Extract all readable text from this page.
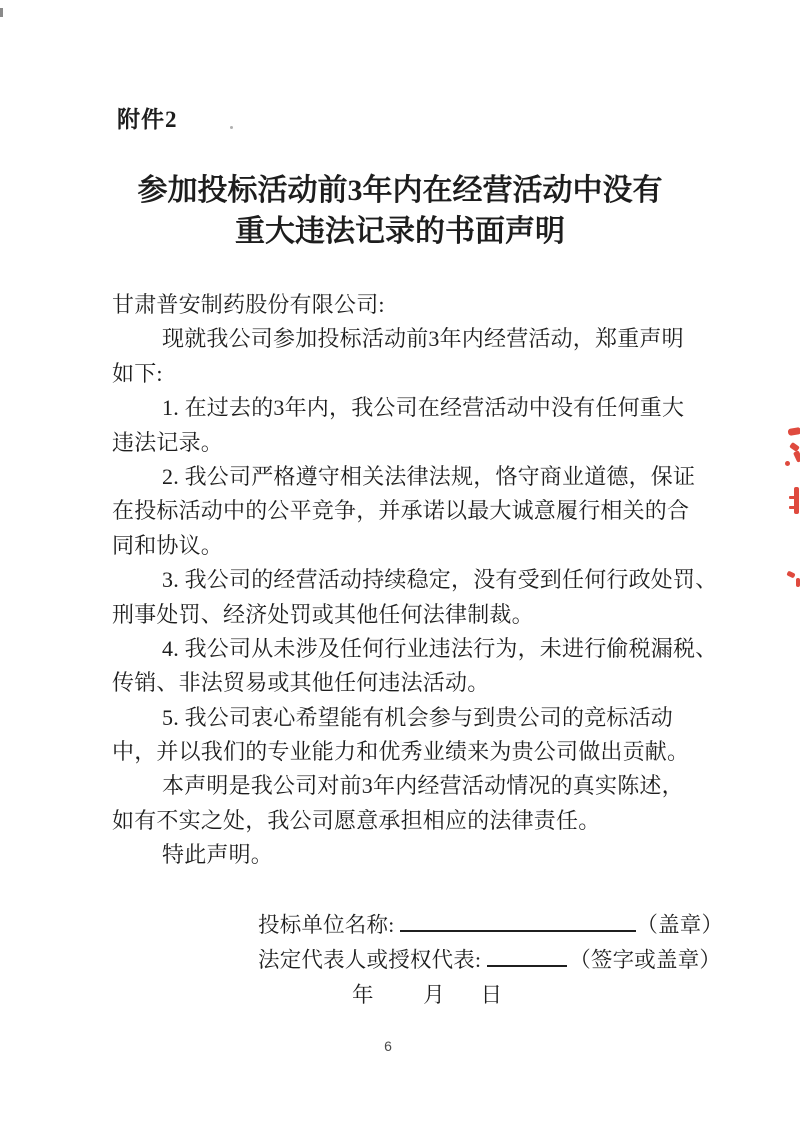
附件2
参加投标活动前3年内在经营活动中没有
重大违法记录的书面声明
甘肃普安制药股份有限公司:
现就我公司参加投标活动前3年内经营活动，郑重声明
如下:
1. 在过去的3年内，我公司在经营活动中没有任何重大
违法记录。
2. 我公司严格遵守相关法律法规，恪守商业道德，保证
在投标活动中的公平竞争，并承诺以最大诚意履行相关的合
同和协议。
3. 我公司的经营活动持续稳定，没有受到任何行政处罚、
刑事处罚、经济处罚或其他任何法律制裁。
4. 我公司从未涉及任何行业违法行为，未进行偷税漏税、
传销、非法贸易或其他任何违法活动。
5. 我公司衷心希望能有机会参与到贵公司的竞标活动
中，并以我们的专业能力和优秀业绩来为贵公司做出贡献。
本声明是我公司对前3年内经营活动情况的真实陈述，
如有不实之处，我公司愿意承担相应的法律责任。
特此声明。
投标单位名称:	（盖章）
法定代表人或授权代表:	（签字或盖章）
年 月 日
6
